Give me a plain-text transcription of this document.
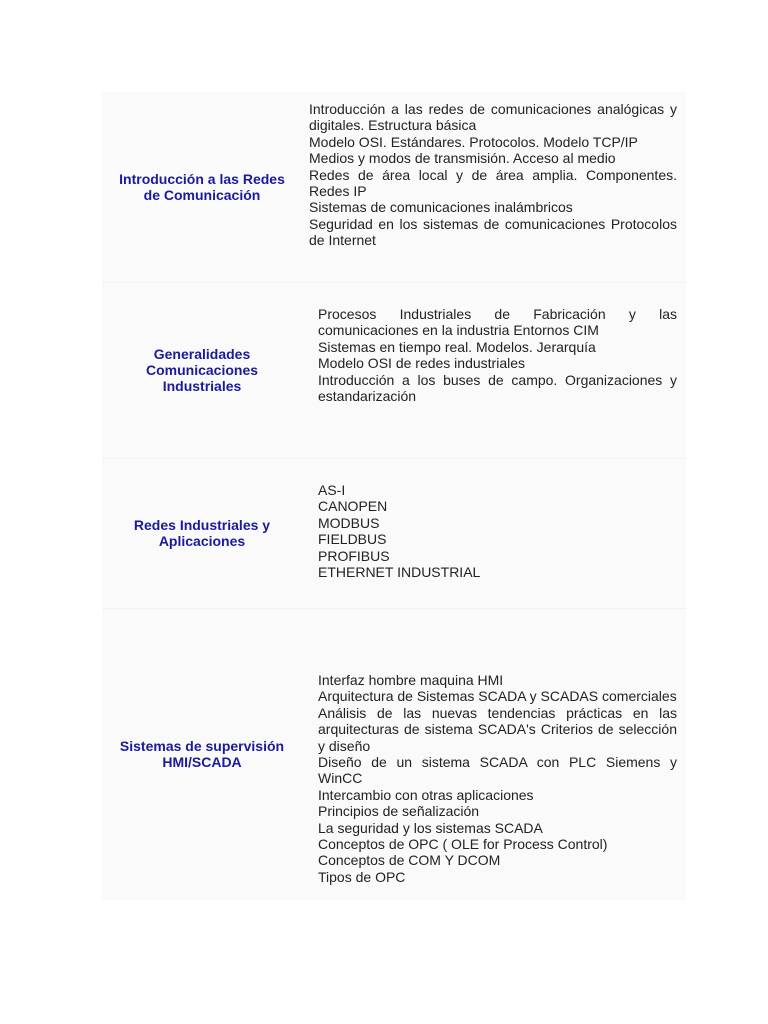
Introducción a las Redes
de Comunicación
Introducción a las redes de comunicaciones analógicas y digitales. Estructura básica
Modelo OSI. Estándares. Protocolos. Modelo TCP/IP
Medios y modos de transmisión. Acceso al medio
Redes de área local y de área amplia. Componentes. Redes IP
Sistemas de comunicaciones inalámbricos
Seguridad en los sistemas de comunicaciones Protocolos de Internet
Generalidades
Comunicaciones
Industriales
Procesos Industriales de Fabricación y las comunicaciones en la industria Entornos CIM
Sistemas en tiempo real. Modelos. Jerarquía
Modelo OSI de redes industriales
Introducción a los buses de campo. Organizaciones y estandarización
Redes Industriales y
Aplicaciones
AS-I
CANOPEN
MODBUS
FIELDBUS
PROFIBUS
ETHERNET INDUSTRIAL
Sistemas de supervisión
HMI/SCADA
Interfaz hombre maquina HMI
Arquitectura de Sistemas SCADA y SCADAS comerciales
Análisis de las nuevas tendencias prácticas en las arquitecturas de sistema SCADA's Criterios de selección y diseño
Diseño de un sistema SCADA con PLC Siemens y WinCC
Intercambio con otras aplicaciones
Principios de señalización
La seguridad y los sistemas SCADA
Conceptos de OPC ( OLE for Process Control)
Conceptos de COM Y DCOM
Tipos de OPC
